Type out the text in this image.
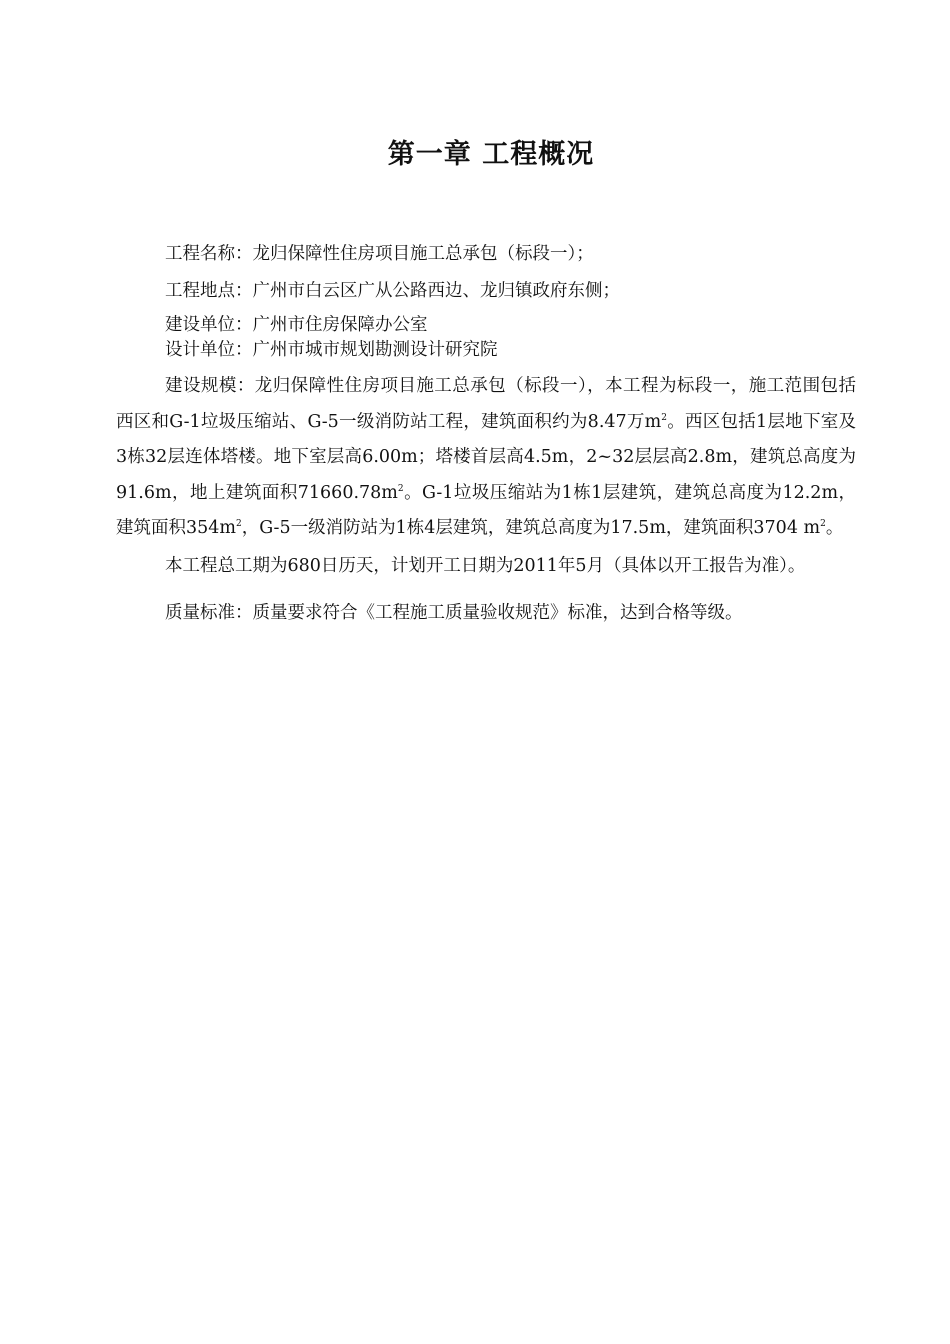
第一章 工程概况

工程名称：龙归保障性住房项目施工总承包（标段一）；

工程地点：广州市白云区广从公路西边、龙归镇政府东侧；

建设单位：广州市住房保障办公室

设计单位：广州市城市规划勘测设计研究院

建设规模：龙归保障性住房项目施工总承包（标段一），本工程为标段一，施工范围包括西区和G-1垃圾压缩站、G-5一级消防站工程，建筑面积约为8.47万$m^2$。西区包括1层地下室及3栋32层连体塔楼。地下室层高6.00m；塔楼首层高4.5m，2~32层层高2.8m，建筑总高度为91.6m，地上建筑面积$71660.78m^2$。G-1垃圾压缩站为1栋1层建筑，建筑总高度为12.2m，建筑面积$354m^2$，G-5一级消防站为1栋4层建筑，建筑总高度为17.5m，建筑面积3704 $m^2$。

本工程总工期为680日历天，计划开工日期为2011年5月（具体以开工报告为准）。

质量标准：质量要求符合《工程施工质量验收规范》标准，达到合格等级。
